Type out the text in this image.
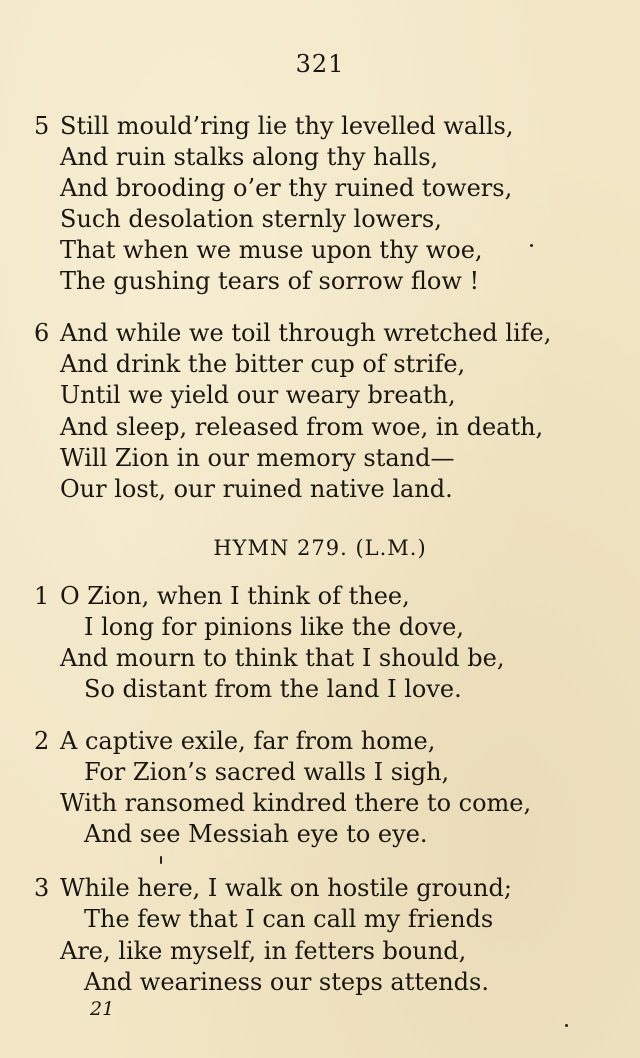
321
5 Still mould’ring lie thy levelled walls,
And ruin stalks along thy halls,
And brooding o’er thy ruined towers,
Such desolation sternly lowers,
That when we muse upon thy woe,
The gushing tears of sorrow flow !
6 And while we toil through wretched life,
And drink the bitter cup of strife,
Until we yield our weary breath,
And sleep, released from woe, in death,
Will Zion in our memory stand—
Our lost, our ruined native land.
HYMN 279. (L.M.)
1 O Zion, when I think of thee,
I long for pinions like the dove,
And mourn to think that I should be,
So distant from the land I love.
2 A captive exile, far from home,
For Zion’s sacred walls I sigh,
With ransomed kindred there to come,
And see Messiah eye to eye.
3 While here, I walk on hostile ground;
The few that I can call my friends
Are, like myself, in fetters bound,
And weariness our steps attends.
21
